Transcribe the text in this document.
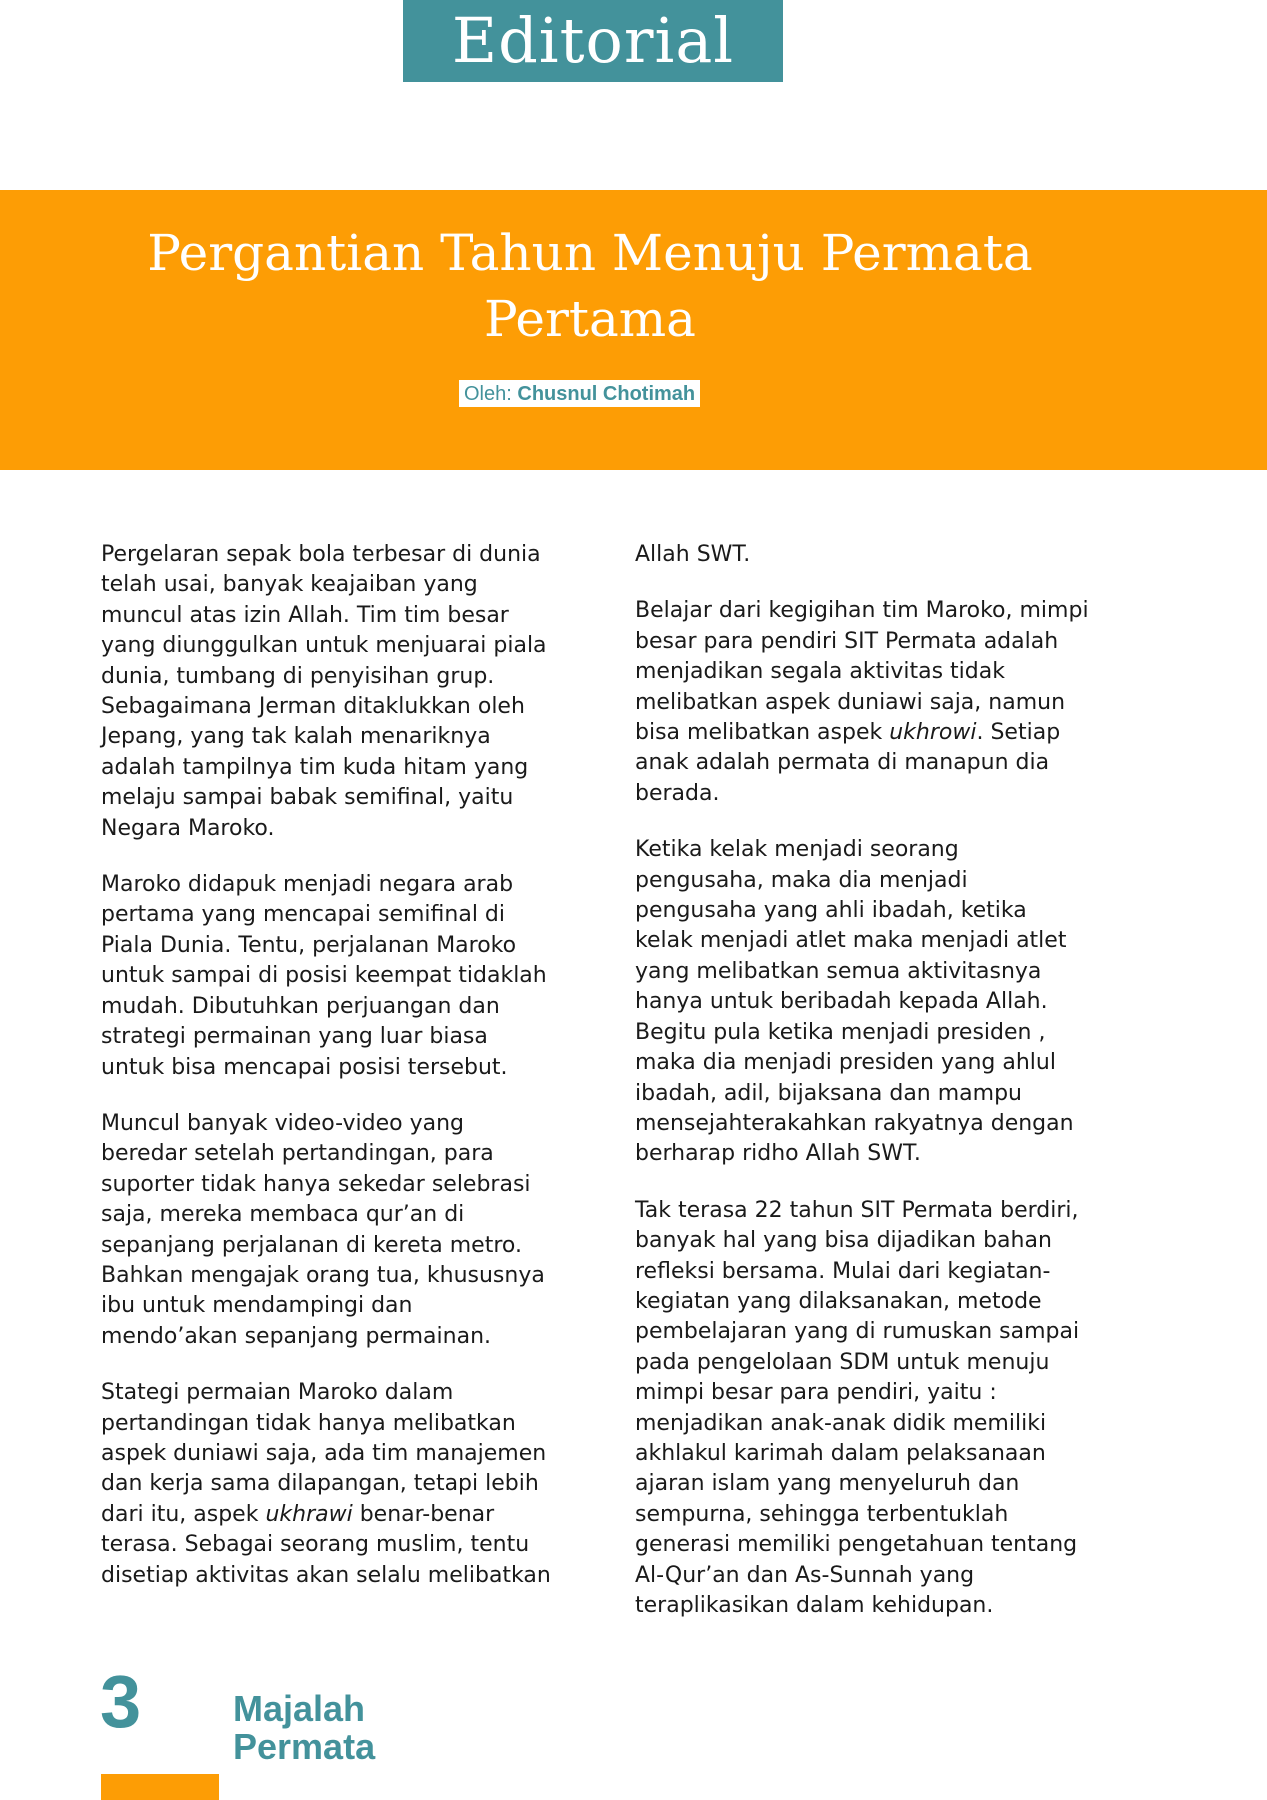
Editorial
Pergantian Tahun Menuju Permata
Pertama
Oleh: Chusnul Chotimah

Pergelaran sepak bola terbesar di dunia telah usai, banyak keajaiban yang muncul atas izin Allah. Tim tim besar yang diunggulkan untuk menjuarai piala dunia, tumbang di penyisihan grup. Sebagaimana Jerman ditaklukkan oleh Jepang, yang tak kalah menariknya adalah tampilnya tim kuda hitam yang melaju sampai babak semifinal, yaitu Negara Maroko.

Maroko didapuk menjadi negara arab pertama yang mencapai semifinal di Piala Dunia. Tentu, perjalanan Maroko untuk sampai di posisi keempat tidaklah mudah. Dibutuhkan perjuangan dan strategi permainan yang luar biasa untuk bisa mencapai posisi tersebut.

Muncul banyak video-video yang beredar setelah pertandingan, para suporter tidak hanya sekedar selebrasi saja, mereka membaca qur’an di sepanjang perjalanan di kereta metro. Bahkan mengajak orang tua, khususnya ibu untuk mendampingi dan mendo’akan sepanjang permainan.

Stategi permaian Maroko dalam pertandingan tidak hanya melibatkan aspek duniawi saja, ada tim manajemen dan kerja sama dilapangan, tetapi lebih dari itu, aspek ukhrawi benar-benar terasa. Sebagai seorang muslim, tentu disetiap aktivitas akan selalu melibatkan

Allah SWT.

Belajar dari kegigihan tim Maroko, mimpi besar para pendiri SIT Permata adalah menjadikan segala aktivitas tidak melibatkan aspek duniawi saja, namun bisa melibatkan aspek ukhrowi. Setiap anak adalah permata di manapun dia berada.

Ketika kelak menjadi seorang pengusaha, maka dia menjadi pengusaha yang ahli ibadah, ketika kelak menjadi atlet maka menjadi atlet yang melibatkan semua aktivitasnya hanya untuk beribadah kepada Allah. Begitu pula ketika menjadi presiden , maka dia menjadi presiden yang ahlul ibadah, adil, bijaksana dan mampu mensejahterakahkan rakyatnya dengan berharap ridho Allah SWT.

Tak terasa 22 tahun SIT Permata berdiri, banyak hal yang bisa dijadikan bahan refleksi bersama. Mulai dari kegiatan-kegiatan yang dilaksanakan, metode pembelajaran yang di rumuskan sampai pada pengelolaan SDM untuk menuju mimpi besar para pendiri, yaitu : menjadikan anak-anak didik memiliki akhlakul karimah dalam pelaksanaan ajaran islam yang menyeluruh dan sempurna, sehingga terbentuklah generasi memiliki pengetahuan tentang Al-Qur’an dan As-Sunnah yang teraplikasikan dalam kehidupan.

3	Majalah
Permata
